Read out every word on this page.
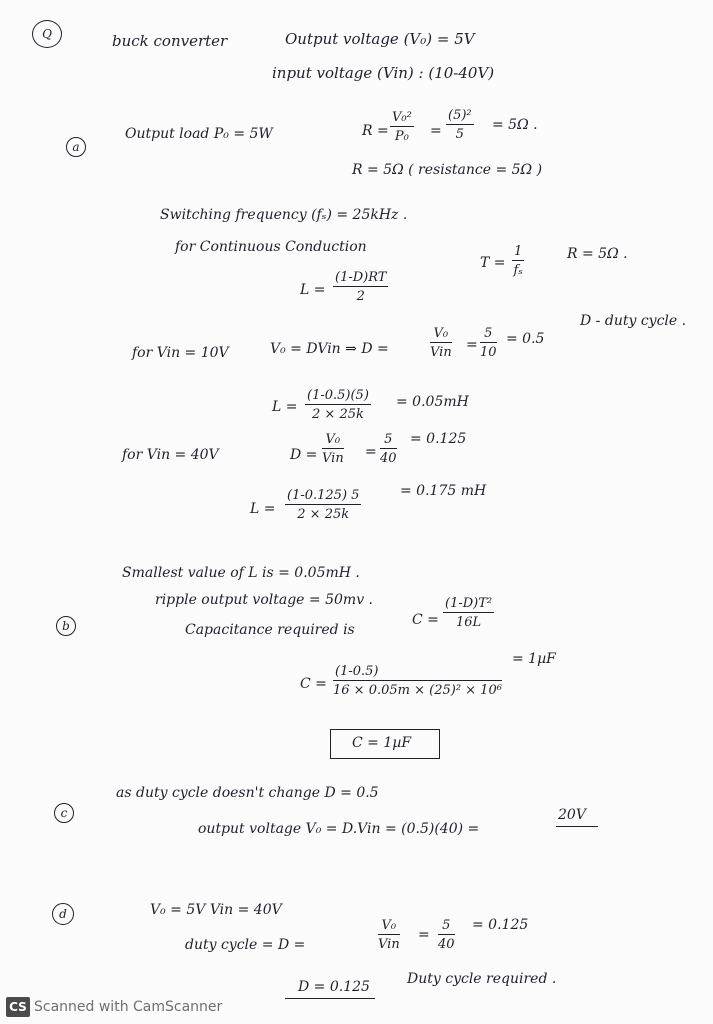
Q	buck converter	Output voltage (V₀) = 5V
input voltage (Vin) : (10-40V)
a
Output load P₀ = 5W	$R = \frac{\text{V₀²}}{\text{P₀}} = \frac{\text{(5)²}}{5} = 5\Omega$ .
R = 5Ω ( resistance = 5Ω )
Switching frequency (fₛ) = 25kHz .
for Continuous Conduction
$L = \frac{(1-D)RT}{2}$
$T = \frac{1}{\text{fₛ}}$	R = 5Ω .
for Vin = 10V	V₀ = DVin ⇒ D =
V₀
Vin = $\frac{5}{10} = 0.5$
D - duty cycle .
$L = \frac{(1-0.5)(5)}{2 \times 25k} = 0.05mH$
for Vin = 40V	D =
V₀
Vin = $\frac{5}{40} = 0.125$
$L = \frac{(1-0.125) 5}{2 \times 25k}$	= 0.175 mH
Smallest value of L is = 0.05mH .
b
ripple output voltage = 50mv .
Capacitance required is
$C = \frac{\text{(1-D)T²}}{16L}$
$C = \frac{(1-0.5)}{\text{16 × 0.05m × (25)² × 10⁶}}$
= 1µF
C = 1µF
c
as duty cycle doesn't change D = 0.5
output voltage V₀ = D.Vin = (0.5)(40) =
20V
d	V₀ = 5V Vin = 40V
duty cycle = D =
V₀
Vin
= $\frac{5}{40} = 0.125$
D = 0.125	Duty cycle required .
CS Scanned with CamScanner
